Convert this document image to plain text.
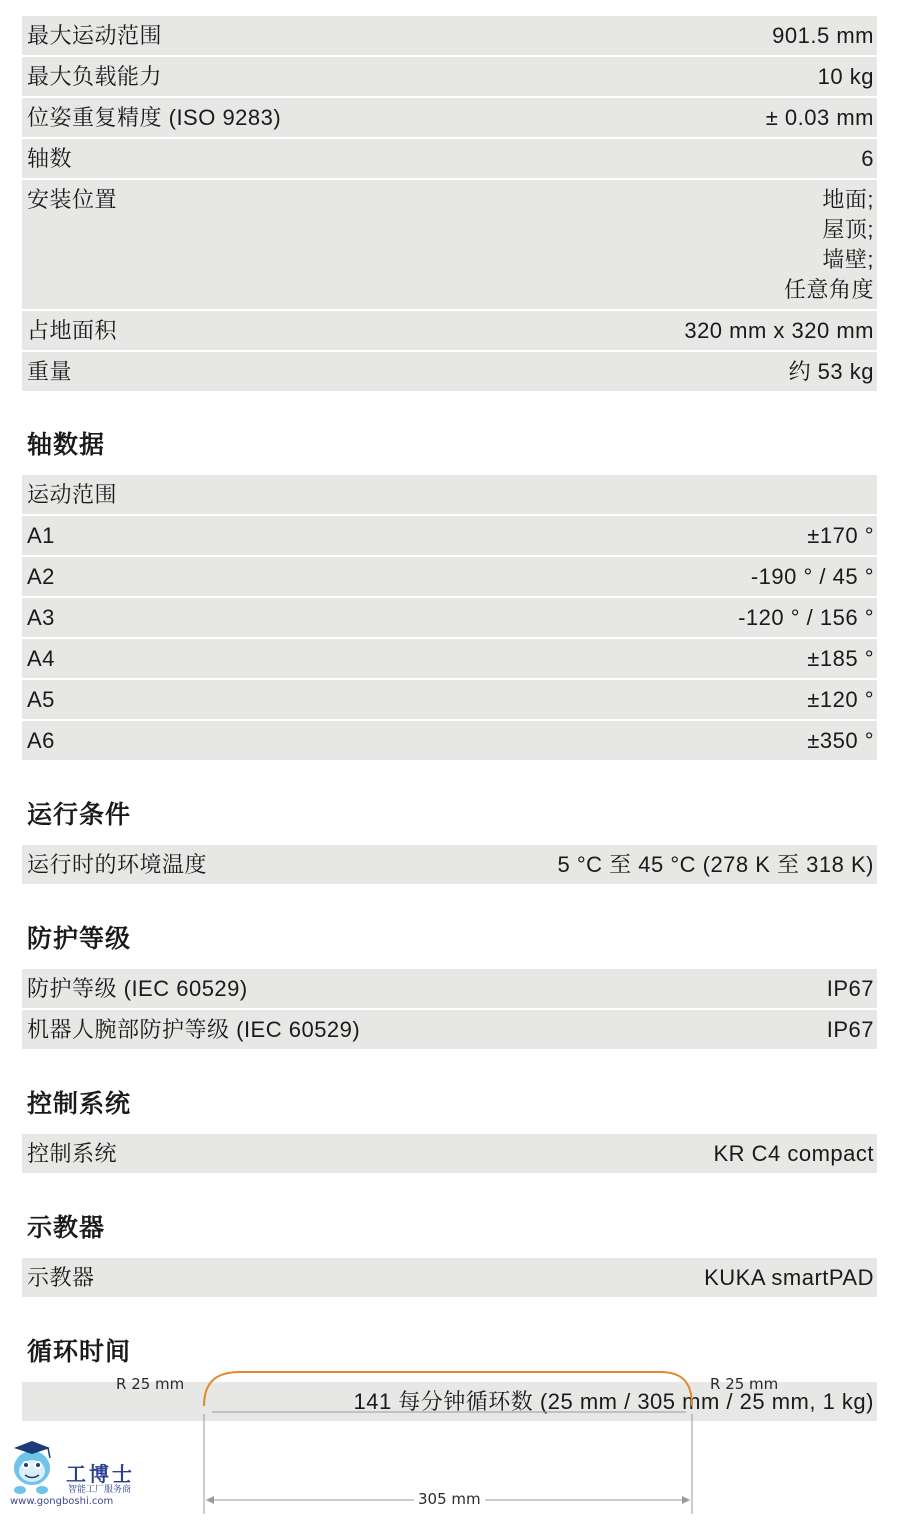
最大运动范围	901.5 mm
最大负载能力	10 kg
位姿重复精度 (ISO 9283)	± 0.03 mm
轴数	6
安装位置	地面;
屋顶;
墙壁;
任意角度
占地面积	320 mm x 320 mm
重量	约 53 kg
轴数据
运动范围
A1	±170 °
A2	-190 ° / 45 °
A3	-120 ° / 156 °
A4	±185 °
A5	±120 °
A6	±350 °
运行条件
运行时的环境温度	5 °C 至 45 °C (278 K 至 318 K)
防护等级
防护等级 (IEC 60529)	IP67
机器人腕部防护等级 (IEC 60529)	IP67
控制系统
控制系统	KR C4 compact
示教器
示教器	KUKA smartPAD
循环时间
141 每分钟循环数 (25 mm / 305 mm / 25 mm, 1 kg)
R 25 mm	R 25 mm
305 mm
工博士
智能工厂服务商
www.gongboshi.com
